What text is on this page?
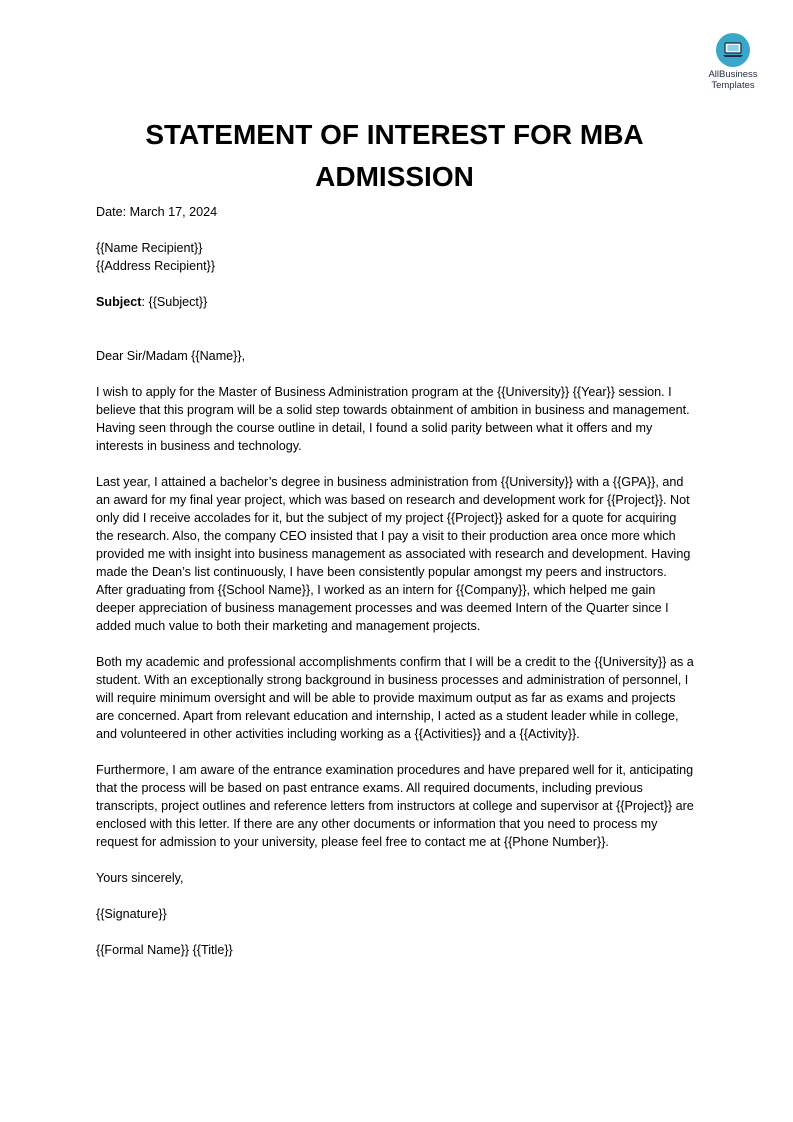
AllBusiness
Templates
STATEMENT OF INTEREST FOR MBA
ADMISSION

Date: March 17, 2024

{{Name Recipient}}

{{Address Recipient}}

Subject: {{Subject}}

Dear Sir/Madam {{Name}},

I wish to apply for the Master of Business Administration program at the {{University}} {{Year}} session. I believe that this program will be a solid step towards obtainment of ambition in business and management. Having seen through the course outline in detail, I found a solid parity between what it offers and my interests in business and technology.

Last year, I attained a bachelor’s degree in business administration from {{University}} with a {{GPA}}, and an award for my final year project, which was based on research and development work for {{Project}}. Not only did I receive accolades for it, but the subject of my project {{Project}} asked for a quote for acquiring the research. Also, the company CEO insisted that I pay a visit to their production area once more which provided me with insight into business management as associated with research and development. Having made the Dean’s list continuously, I have been consistently popular amongst my peers and instructors. After graduating from {{School Name}}, I worked as an intern for {{Company}}, which helped me gain deeper appreciation of business management processes and was deemed Intern of the Quarter since I added much value to both their marketing and management projects.

Both my academic and professional accomplishments confirm that I will be a credit to the {{University}} as a student. With an exceptionally strong background in business processes and administration of personnel, I will require minimum oversight and will be able to provide maximum output as far as exams and projects are concerned. Apart from relevant education and internship, I acted as a student leader while in college, and volunteered in other activities including working as a {{Activities}} and a {{Activity}}.

Furthermore, I am aware of the entrance examination procedures and have prepared well for it, anticipating that the process will be based on past entrance exams. All required documents, including previous transcripts, project outlines and reference letters from instructors at college and supervisor at {{Project}} are enclosed with this letter. If there are any other documents or information that you need to process my request for admission to your university, please feel free to contact me at {{Phone Number}}.

Yours sincerely,

{{Signature}}

{{Formal Name}} {{Title}}
